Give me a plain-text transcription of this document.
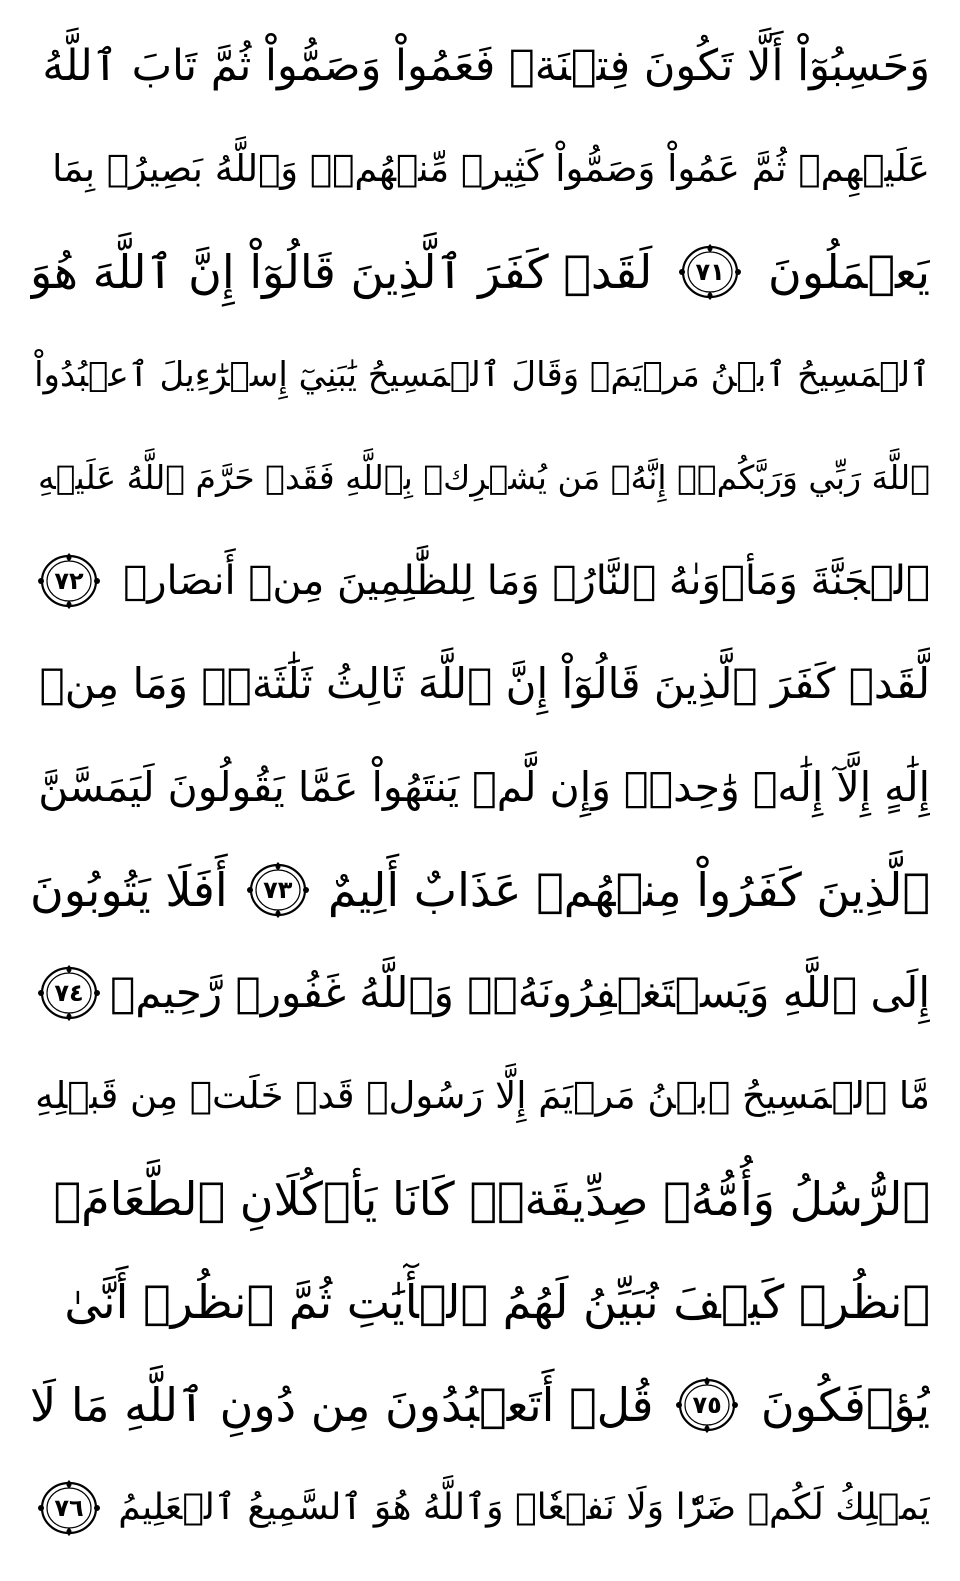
وَحَسِبُوٓاْ أَلَّا تَكُونَ فِتۡنَةٞ فَعَمُواْ وَصَمُّواْ ثُمَّ تَابَ ٱللَّهُ
عَلَيۡهِمۡ ثُمَّ عَمُواْ وَصَمُّواْ كَثِيرٞ مِّنۡهُمۡۚ وَٱللَّهُ بَصِيرُۢ بِمَا
يَعۡمَلُونَ
٧١
لَقَدۡ كَفَرَ ٱلَّذِينَ قَالُوٓاْ إِنَّ ٱللَّهَ هُوَ
ٱلۡمَسِيحُ ٱبۡنُ مَرۡيَمَۖ وَقَالَ ٱلۡمَسِيحُ يَٰبَنِيٓ إِسۡرَٰٓءِيلَ ٱعۡبُدُواْ
ٱللَّهَ رَبِّي وَرَبَّكُمۡۖ إِنَّهُۥ مَن يُشۡرِكۡ بِٱللَّهِ فَقَدۡ حَرَّمَ ٱللَّهُ عَلَيۡهِ
ٱلۡجَنَّةَ وَمَأۡوَىٰهُ ٱلنَّارُۖ وَمَا لِلظَّٰلِمِينَ مِنۡ أَنصَارٖ
٧٢
لَّقَدۡ كَفَرَ ٱلَّذِينَ قَالُوٓاْ إِنَّ ٱللَّهَ ثَالِثُ ثَلَٰثَةٖۘ وَمَا مِنۡ
إِلَٰهٍ إِلَّآ إِلَٰهٞ وَٰحِدٞۚ وَإِن لَّمۡ يَنتَهُواْ عَمَّا يَقُولُونَ لَيَمَسَّنَّ
ٱلَّذِينَ كَفَرُواْ مِنۡهُمۡ عَذَابٌ أَلِيمٌ
٧٣
أَفَلَا يَتُوبُونَ
إِلَى ٱللَّهِ وَيَسۡتَغۡفِرُونَهُۥۚ وَٱللَّهُ غَفُورٞ رَّحِيمٞ
٧٤
مَّا ٱلۡمَسِيحُ ٱبۡنُ مَرۡيَمَ إِلَّا رَسُولٞ قَدۡ خَلَتۡ مِن قَبۡلِهِ
ٱلرُّسُلُ وَأُمُّهُۥ صِدِّيقَةٞۖ كَانَا يَأۡكُلَانِ ٱلطَّعَامَۗ
ٱنظُرۡ كَيۡفَ نُبَيِّنُ لَهُمُ ٱلۡأٓيَٰتِ ثُمَّ ٱنظُرۡ أَنَّىٰ
يُؤۡفَكُونَ
٧٥
قُلۡ أَتَعۡبُدُونَ مِن دُونِ ٱللَّهِ مَا لَا
يَمۡلِكُ لَكُمۡ ضَرّٗا وَلَا نَفۡعٗاۚ وَٱللَّهُ هُوَ ٱلسَّمِيعُ ٱلۡعَلِيمُ
٧٦
